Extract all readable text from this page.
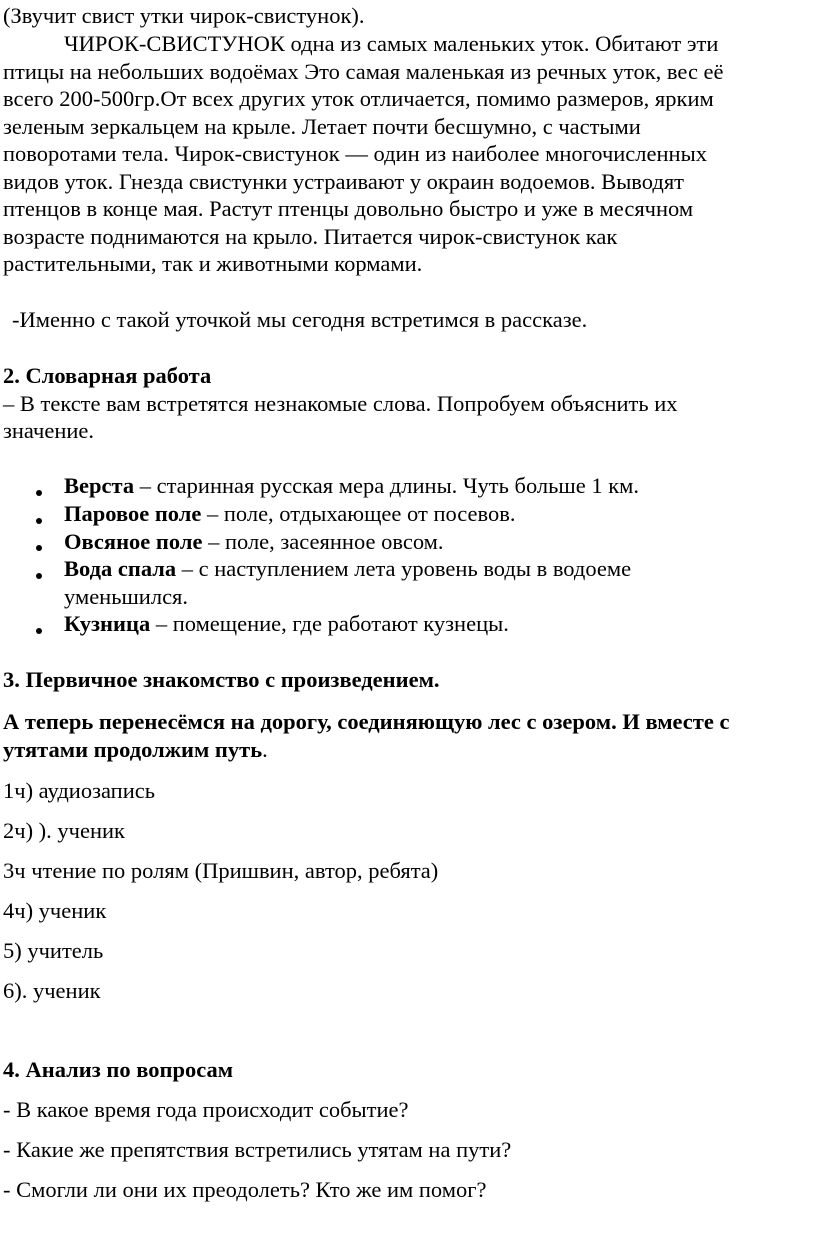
(Звучит свист утки чирок-свистунок).
ЧИРОК-СВИСТУНОК одна из самых маленьких уток. Обитают эти
птицы на небольших водоёмах Это самая маленькая из речных уток, вес её
всего 200-500гр.От всех других уток отличается, помимо размеров, ярким
зеленым зеркальцем на крыле. Летает почти бесшумно, с частыми
поворотами тела. Чирок-свистунок — один из наиболее многочисленных
видов уток. Гнезда свистунки устраивают у окраин водоемов. Выводят
птенцов в конце мая. Растут птенцы довольно быстро и уже в месячном
возрасте поднимаются на крыло. Питается чирок-свистунок как
растительными, так и животными кормами.
-Именно с такой уточкой мы сегодня встретимся в рассказе.
2. Словарная работа
– В тексте вам встретятся незнакомые слова. Попробуем объяснить их
значение.
Верста – старинная русская мера длины. Чуть больше 1 км.
Паровое поле – поле, отдыхающее от посевов.
Овсяное поле – поле, засеянное овсом.
Вода спала – с наступлением лета уровень воды в водоеме
уменьшился.
Кузница – помещение, где работают кузнецы.
3. Первичное знакомство с произведением.
А теперь перенесёмся на дорогу, соединяющую лес с озером. И вместе с
утятами продолжим путь.
1ч) аудиозапись
2ч) ). ученик
3ч чтение по ролям (Пришвин, автор, ребята)
4ч) ученик
5) учитель
6). ученик
4. Анализ по вопросам
- В какое время года происходит событие?
- Какие же препятствия встретились утятам на пути?
- Смогли ли они их преодолеть? Кто же им помог?
